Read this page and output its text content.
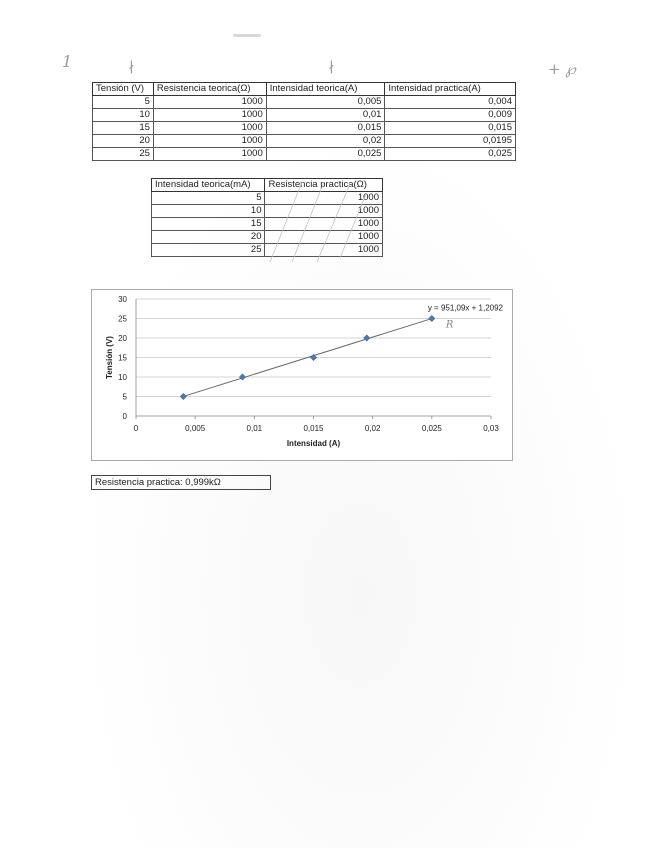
1	∤	∤	+ ℘
Tensión (V)	Resistencia teorica(Ω)	Intensidad teorica(A)	Intensidad practica(A)
5	1000	0,005	0,004
10	1000	0,01	0,009
15	1000	0,015	0,015
20	1000	0,02	0,0195
25	1000	0,025	0,025
Intensidad teorica(mA)	Resistencia practica(Ω)
5	1000
10	1000
15	1000
20	1000
25	1000
0
5
10
15
20
25
30
0	0,005	0,01	0,015	0,02	0,025	0,03
y = 951,09x + 1,2092
R
Intensidad (A)
Tensión (V)
Resistencia practica: 0,999kΩ
